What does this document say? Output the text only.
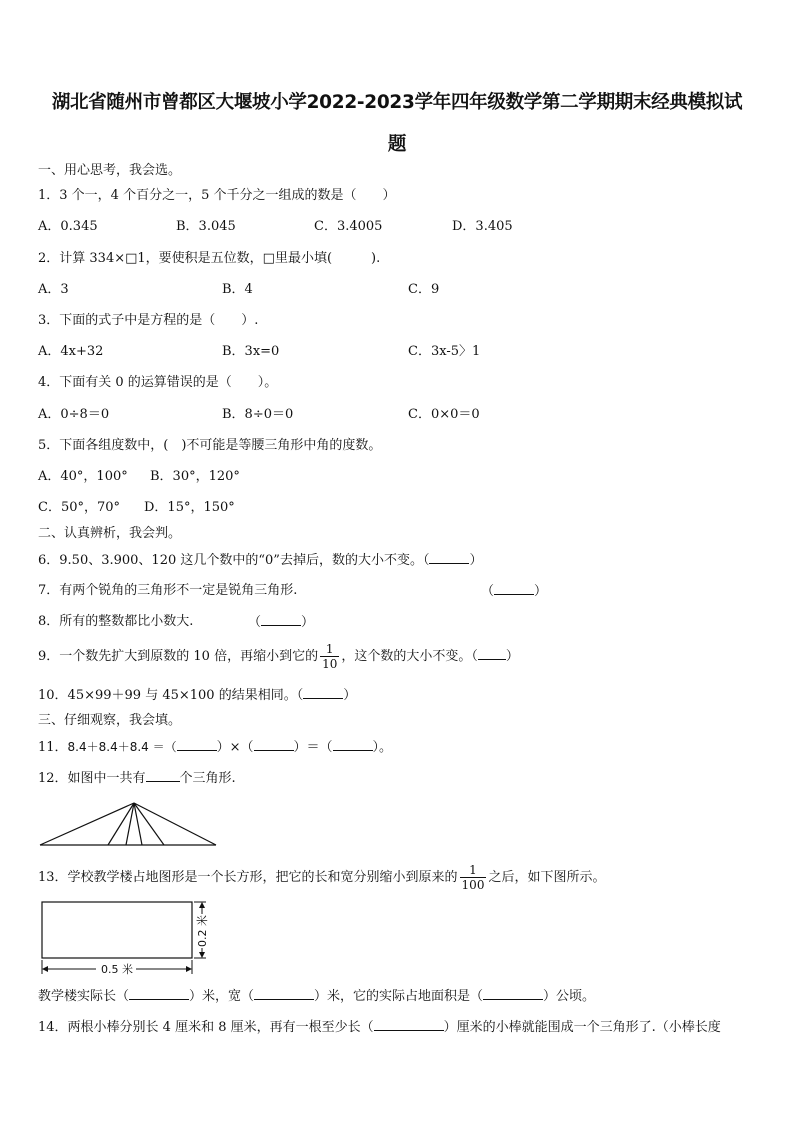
湖北省随州市曾都区大堰坡小学2022-2023学年四年级数学第二学期期末经典模拟试
题
一、用心思考，我会选。
1．3 个一，4 个百分之一，5 个千分之一组成的数是（　　）
A．0.345	B．3.045	C．3.4005	D．3.405
2．计算 334×□1，要使积是五位数，□里最小填(　　　).
A．3	B．4	C．9
3．下面的式子中是方程的是（　　）.
A．4x+32	B．3x=0	C．3x-5〉1
4．下面有关 0 的运算错误的是（　　）。
A．0÷8＝0	B．8÷0＝0	C．0×0＝0
5．下面各组度数中，(　)不可能是等腰三角形中角的度数。
A．40°，100° B．30°，120°
C．50°，70° D．15°，150°
二、认真辨析，我会判。
6．9.50、3.900、120 这几个数中的“0”去掉后，数的大小不变。（	）
7．有两个锐角的三角形不一定是锐角三角形.	（	）
8．所有的整数都比小数大.	（	）
9．一个数先扩大到原数的 10 倍，再缩小到它的 $\frac{1}{10}$ ，这个数的大小不变。（ ）
10．45×99＋99 与 45×100 的结果相同。（	）
三、仔细观察，我会填。
11．8.4＋8.4＋8.4 ＝（	）×（	）＝（	）。
12．如图中一共有	个三角形.
13．学校教学楼占地图形是一个长方形，把它的长和宽分别缩小到原来的 $\frac{1}{100}$ 之后，如下图所示。
0.2 米
0.5 米
教学楼实际长（	）米，宽（	）米，它的实际占地面积是（	）公顷。
14．两根小棒分别长 4 厘米和 8 厘米，再有一根至少长（	）厘米的小棒就能围成一个三角形了.（小棒长度
